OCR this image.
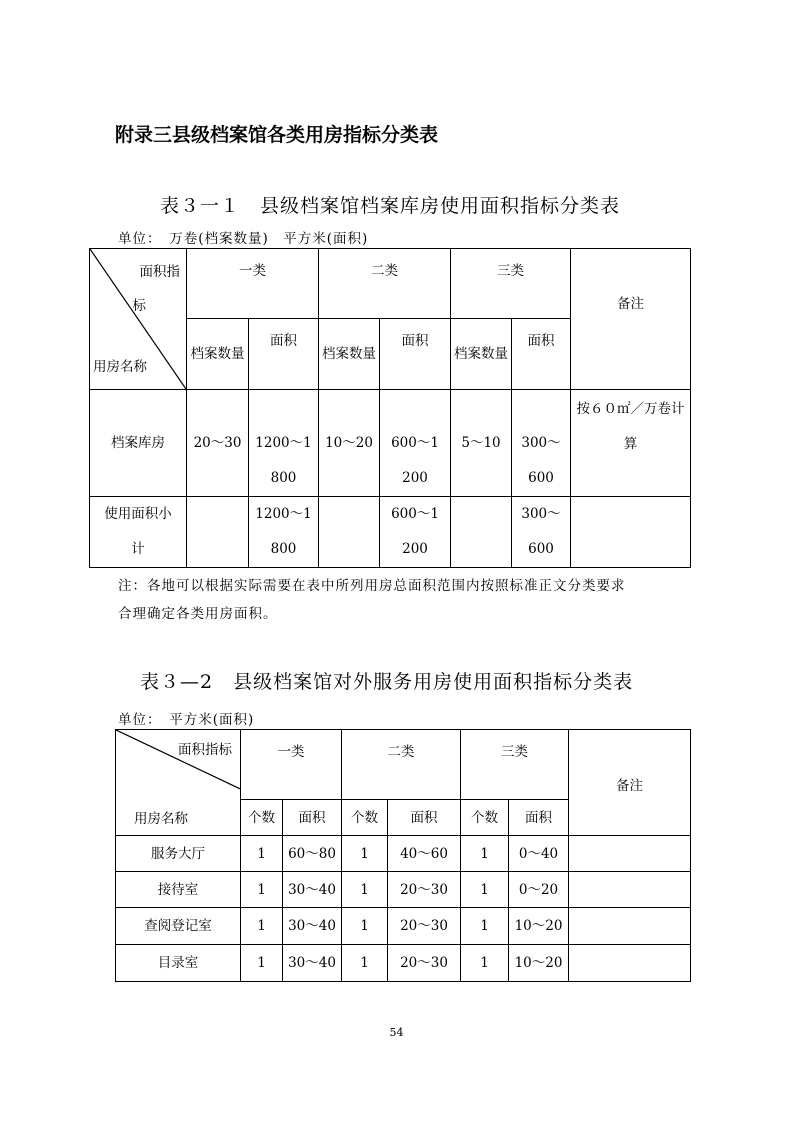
附录三县级档案馆各类用房指标分类表
表３一１　县级档案馆档案库房使用面积指标分类表
单位：　万卷(档案数量)　平方米(面积)
面积指
标
用房名称	一类		二类		三类		备注
	档案数量	面积	档案数量	面积	档案数量	面积	
档案库房	20～30	1200～1800	10～20	600～1200	5～10	300～600	按６０㎡／万卷计算
使用面积小计		1200～1800		600～1200		300～600	
注：各地可以根据实际需要在表中所列用房总面积范围内按照标准正文分类要求
合理确定各类用房面积。
表３—2　县级档案馆对外服务用房使用面积指标分类表
单位：　平方米(面积)
面积指标
用房名称	一类		二类		三类		备注
	个数	面积	个数	面积	个数	面积	
服务大厅	1	60～80	1	40～60	1	0～40	
接待室	1	30～40	1	20～30	1	0～20	
查阅登记室	1	30～40	1	20～30	1	10～20	
目录室	1	30～40	1	20～30	1	10～20	
54
